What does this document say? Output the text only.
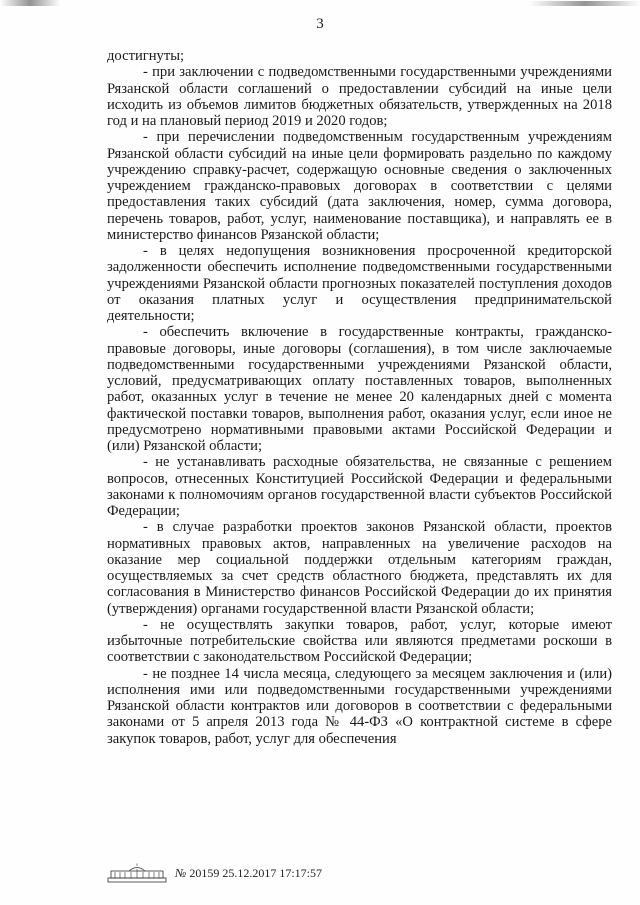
3

достигнуты;

- при заключении с подведомственными государственными учреждениями Рязанской области соглашений о предоставлении субсидий на иные цели исходить из объемов лимитов бюджетных обязательств, утвержденных на 2018 год и на плановый период 2019 и 2020 годов;

- при перечислении подведомственным государственным учреждениям Рязанской области субсидий на иные цели формировать раздельно по каждому учреждению справку-расчет, содержащую основные сведения о заключенных учреждением гражданско-правовых договорах в соответствии с целями предоставления таких субсидий (дата заключения, номер, сумма договора, перечень товаров, работ, услуг, наименование поставщика), и направлять ее в министерство финансов Рязанской области;

- в целях недопущения возникновения просроченной кредиторской задолженности обеспечить исполнение подведомственными государственными учреждениями Рязанской области прогнозных показателей поступления доходов от оказания платных услуг и осуществления предпринимательской деятельности;

- обеспечить включение в государственные контракты, гражданско-правовые договоры, иные договоры (соглашения), в том числе заключаемые подведомственными государственными учреждениями Рязанской области, условий, предусматривающих оплату поставленных товаров, выполненных работ, оказанных услуг в течение не менее 20 календарных дней с момента фактической поставки товаров, выполнения работ, оказания услуг, если иное не предусмотрено нормативными правовыми актами Российской Федерации и (или) Рязанской области;

- не устанавливать расходные обязательства, не связанные с решением вопросов, отнесенных Конституцией Российской Федерации и федеральными законами к полномочиям органов государственной власти субъектов Российской Федерации;

- в случае разработки проектов законов Рязанской области, проектов нормативных правовых актов, направленных на увеличение расходов на оказание мер социальной поддержки отдельным категориям граждан, осуществляемых за счет средств областного бюджета, представлять их для согласования в Министерство финансов Российской Федерации до их принятия (утверждения) органами государственной власти Рязанской области;

- не осуществлять закупки товаров, работ, услуг, которые имеют избыточные потребительские свойства или являются предметами роскоши в соответствии с законодательством Российской Федерации;

- не позднее 14 числа месяца, следующего за месяцем заключения и (или) исполнения ими или подведомственными государственными учреждениями Рязанской области контрактов или договоров в соответствии с федеральными законами от 5 апреля 2013 года № 44-ФЗ «О контрактной системе в сфере закупок товаров, работ, услуг для обеспечения

№ 20159 25.12.2017 17:17:57
